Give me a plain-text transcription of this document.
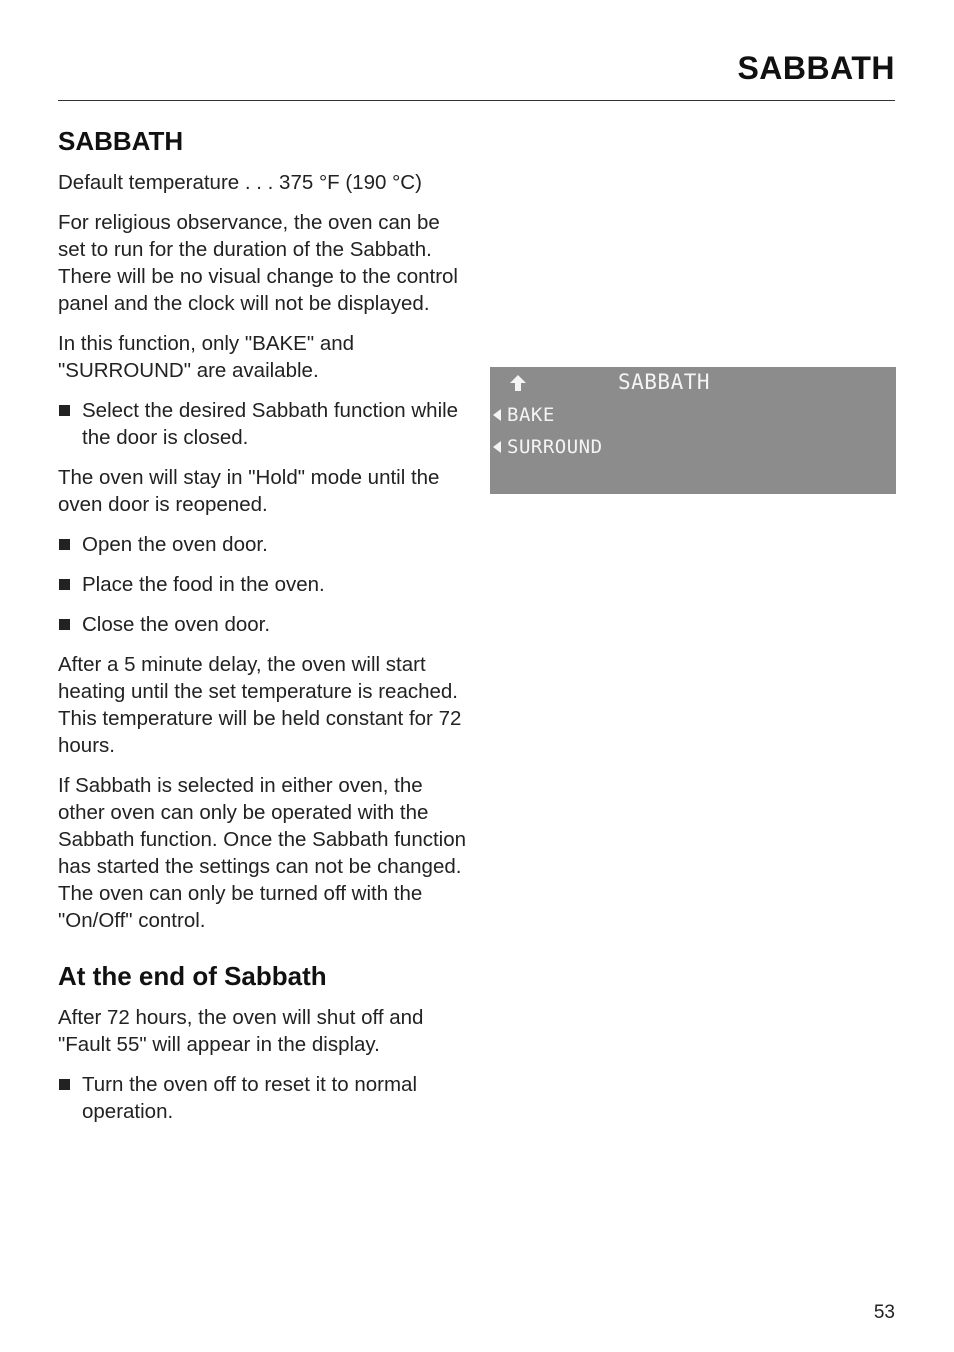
SABBATH
SABBATH

Default temperature . . . 375 °F (190 °C)

For religious observance, the oven can be set to run for the duration of the Sabbath. There will be no visual change to the control panel and the clock will not be displayed.

In this function, only "BAKE" and "SURROUND" are available.

Select the desired Sabbath function while the door is closed.

The oven will stay in "Hold" mode until the oven door is reopened.

Open the oven door.
Place the food in the oven.
Close the oven door.

After a 5 minute delay, the oven will start heating until the set temperature is reached. This temperature will be held constant for 72 hours.

If Sabbath is selected in either oven, the other oven can only be operated with the Sabbath function. Once the Sabbath function has started the settings can not be changed. The oven can only be turned off with the "On/Off" control.

At the end of Sabbath

After 72 hours, the oven will shut off and "Fault 55" will appear in the display.

Turn the oven off to reset it to normal operation.
SABBATH
BAKE
SURROUND
53
